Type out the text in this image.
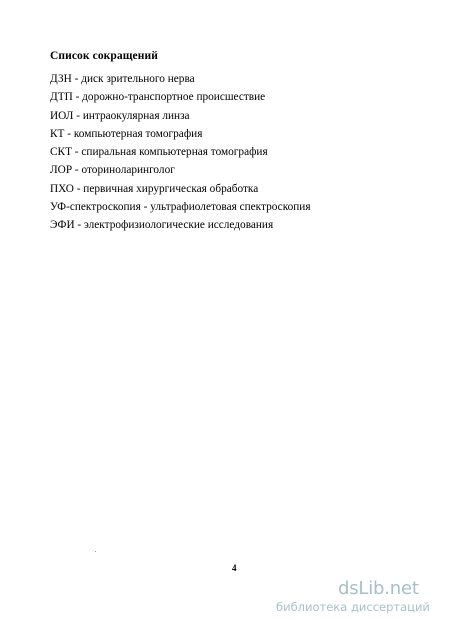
Список сокращений
ДЗН - диск зрительного нерва
ДТП - дорожно-транспортное происшествие
ИОЛ - интраокулярная линза
КТ - компьютерная томография
СКТ - спиральная компьютерная томография
ЛОР - оториноларинголог
ПХО - первичная хирургическая обработка
УФ-спектроскопия - ультрафиолетовая спектроскопия
ЭФИ - электрофизиологические исследования
4
dsLib.net
библиотека диссертаций
